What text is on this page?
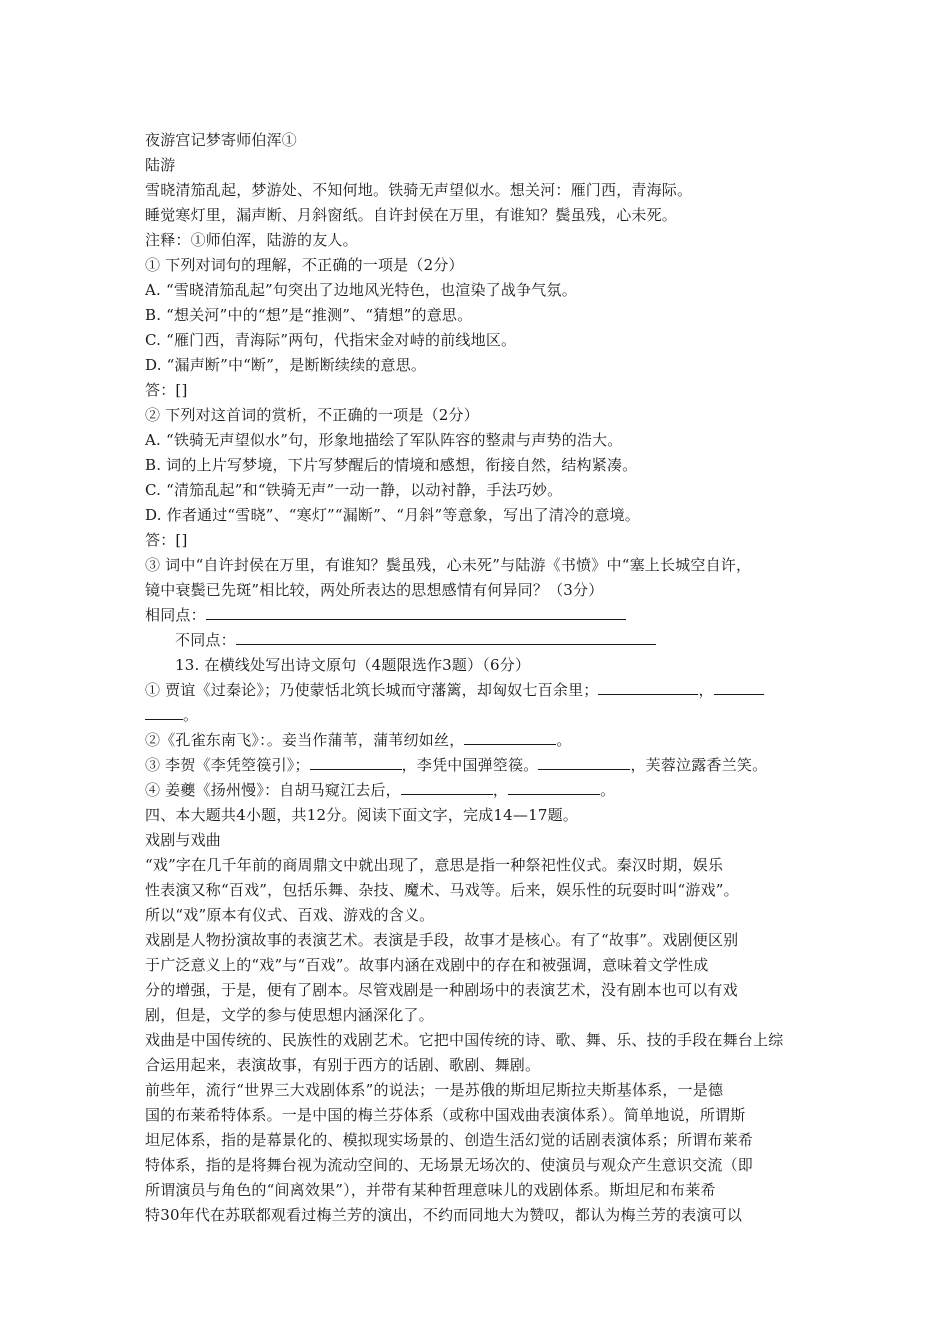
夜游宫记梦寄师伯浑①
陆游
雪晓清笳乱起，梦游处、不知何地。铁骑无声望似水。想关河：雁门西，青海际。
睡觉寒灯里，漏声断、月斜窗纸。自许封侯在万里，有谁知？鬓虽残，心未死。
注释：①师伯浑，陆游的友人。
① 下列对词句的理解，不正确的一项是（2分）
A. “雪晓清笳乱起”句突出了边地风光特色，也渲染了战争气氛。
B. “想关河”中的“想”是“推测”、“猜想”的意思。
C. “雁门西，青海际”两句，代指宋金对峙的前线地区。
D. “漏声断”中“断”，是断断续续的意思。
答：[]
② 下列对这首词的赏析，不正确的一项是（2分）
A. “铁骑无声望似水”句，形象地描绘了军队阵容的整肃与声势的浩大。
B. 词的上片写梦境，下片写梦醒后的情境和感想，衔接自然，结构紧凑。
C. “清笳乱起”和“铁骑无声”一动一静，以动衬静，手法巧妙。
D. 作者通过“雪晓”、“寒灯”“漏断”、“月斜”等意象，写出了清冷的意境。
答：[]
③ 词中“自许封侯在万里，有谁知？鬓虽残，心未死”与陆游《书愤》中“塞上长城空自许，
镜中衰鬓已先斑”相比较，两处所表达的思想感情有何异同？（3分）
相同点：
不同点：
13. 在横线处写出诗文原句（4题限选作3题）（6分）
① 贾谊《过秦论》；乃使蒙恬北筑长城而守藩篱，却匈奴七百余里；	，
。
②《孔雀东南飞》：。妾当作蒲苇，蒲苇纫如丝，	。
③ 李贺《李凭箜篌引》；	，李凭中国弹箜篌。	，芙蓉泣露香兰笑。
④ 姜夔《扬州慢》：自胡马窥江去后，	，	。
四、本大题共4小题，共12分。阅读下面文字，完成14—17题。
戏剧与戏曲
“戏”字在几千年前的商周鼎文中就出现了，意思是指一种祭祀性仪式。秦汉时期，娱乐
性表演又称“百戏”，包括乐舞、杂技、魔术、马戏等。后来，娱乐性的玩耍时叫“游戏”。
所以“戏”原本有仪式、百戏、游戏的含义。
戏剧是人物扮演故事的表演艺术。表演是手段，故事才是核心。有了“故事”。戏剧便区别
于广泛意义上的“戏”与“百戏”。故事内涵在戏剧中的存在和被强调，意味着文学性成
分的增强，于是，便有了剧本。尽管戏剧是一种剧场中的表演艺术，没有剧本也可以有戏
剧，但是，文学的参与使思想内涵深化了。
戏曲是中国传统的、民族性的戏剧艺术。它把中国传统的诗、歌、舞、乐、技的手段在舞台上综
合运用起来，表演故事，有别于西方的话剧、歌剧、舞剧。
前些年，流行“世界三大戏剧体系”的说法；一是苏俄的斯坦尼斯拉夫斯基体系，一是德
国的布莱希特体系。一是中国的梅兰芬体系（或称中国戏曲表演体系）。简单地说，所谓斯
坦尼体系，指的是幕景化的、模拟现实场景的、创造生活幻觉的话剧表演体系；所谓布莱希
特体系，指的是将舞台视为流动空间的、无场景无场次的、使演员与观众产生意识交流（即
所谓演员与角色的“间离效果”），并带有某种哲理意味儿的戏剧体系。斯坦尼和布莱希
特30年代在苏联都观看过梅兰芳的演出，不约而同地大为赞叹，都认为梅兰芳的表演可以
